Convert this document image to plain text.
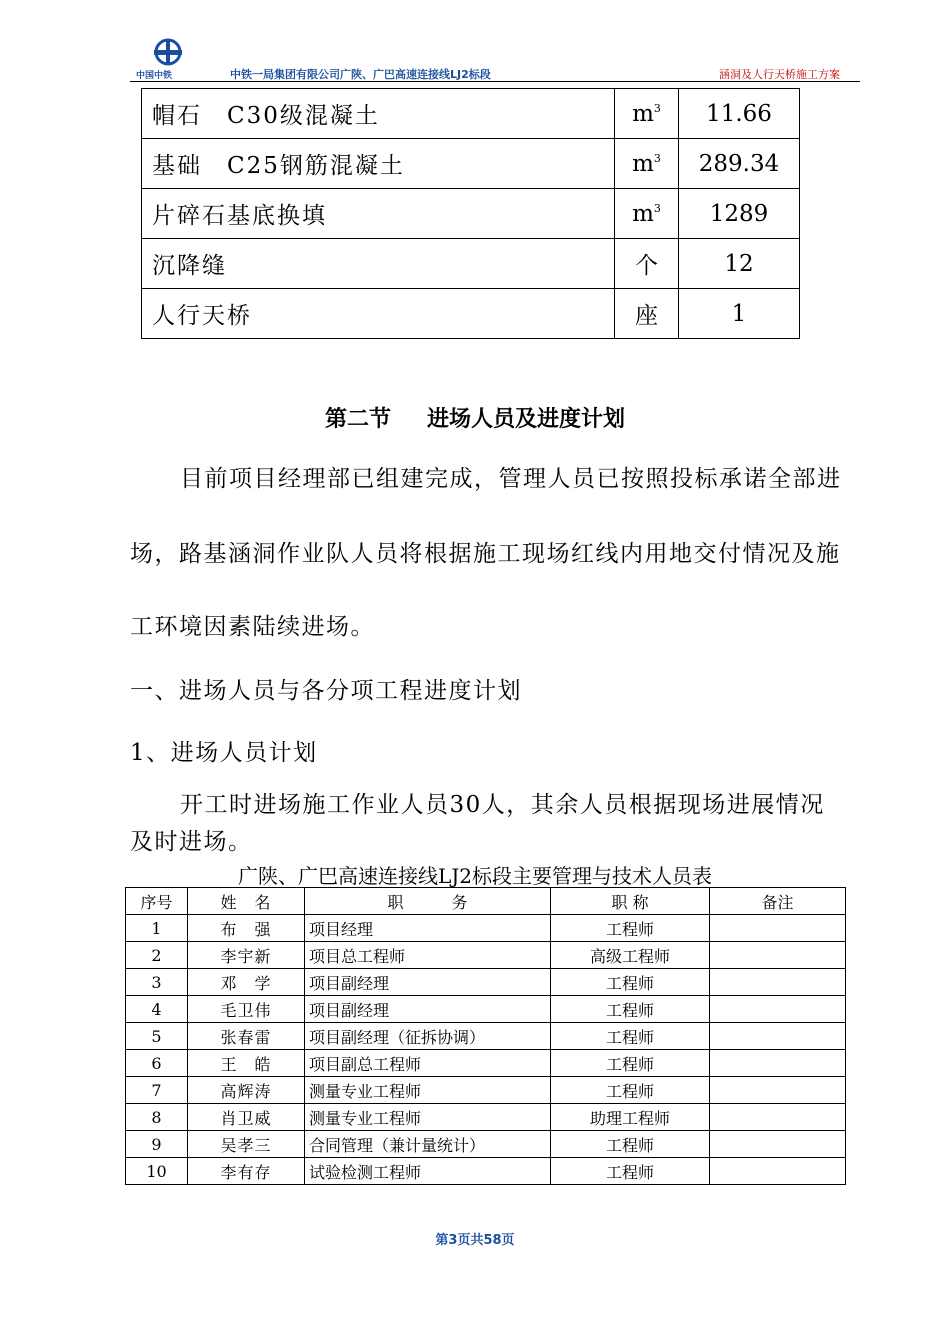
中国中铁	中铁一局集团有限公司广陕、广巴高速连接线LJ2标段	涵洞及人行天桥施工方案
帽石　C30级混凝土	$m^3$	11.66
基础　C25钢筋混凝土	$m^3$	289.34
片碎石基底换填	$m^3$	1289
沉降缝	个	12
人行天桥	座	1
第二节 进场人员及进度计划
目前项目经理部已组建完成，管理人员已按照投标承诺全部进
场，路基涵洞作业队人员将根据施工现场红线内用地交付情况及施
工环境因素陆续进场。
一、进场人员与各分项工程进度计划
1、进场人员计划
开工时进场施工作业人员30人，其余人员根据现场进展情况
及时进场。
广陕、广巴高速连接线LJ2标段主要管理与技术人员表
序号	姓　名	职　　　务	职 称	备注
1	布　强	项目经理	工程师	
2	李宇新	项目总工程师	高级工程师	
3	邓　学	项目副经理	工程师	
4	毛卫伟	项目副经理	工程师	
5	张春雷	项目副经理（征拆协调）	工程师	
6	王　皓	项目副总工程师	工程师	
7	高辉涛	测量专业工程师	工程师	
8	肖卫威	测量专业工程师	助理工程师	
9	吴孝三	合同管理（兼计量统计）	工程师	
10	李有存	试验检测工程师	工程师	
第3页共58页
